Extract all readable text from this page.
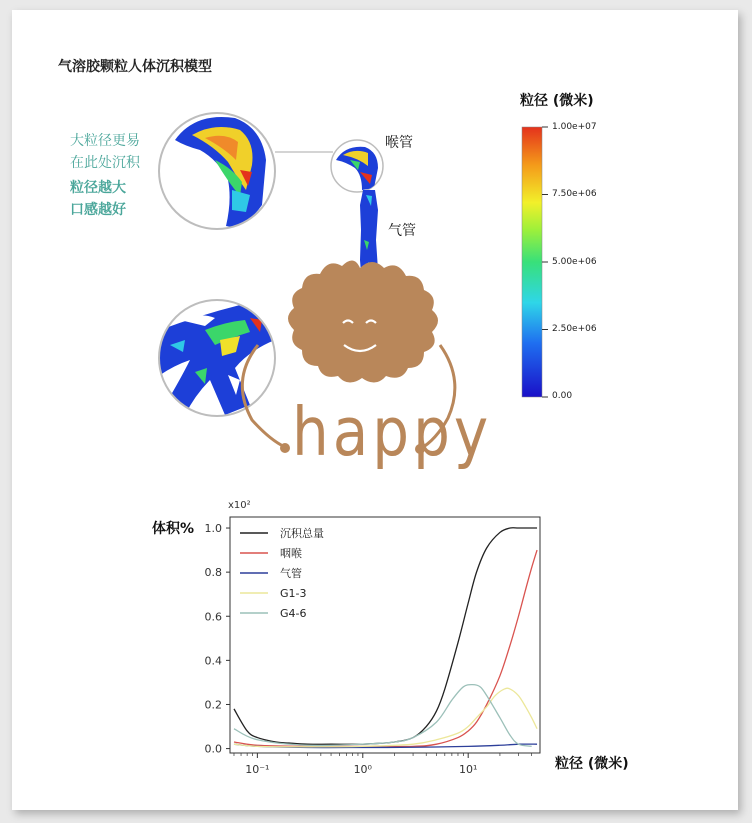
气溶胶颗粒人体沉积模型
大粒径更易
在此处沉积
粒径越大
口感越好
喉管
气管
happy
粒径 (微米)
1.00e+07
7.50e+06
5.00e+06
2.50e+06
0.00
0.0
0.2
0.4
0.6
0.8
1.0
10⁻¹	10⁰	10¹
体积%
x10²
粒径 (微米)
沉积总量
咽喉
气管
G1-3
G4-6
